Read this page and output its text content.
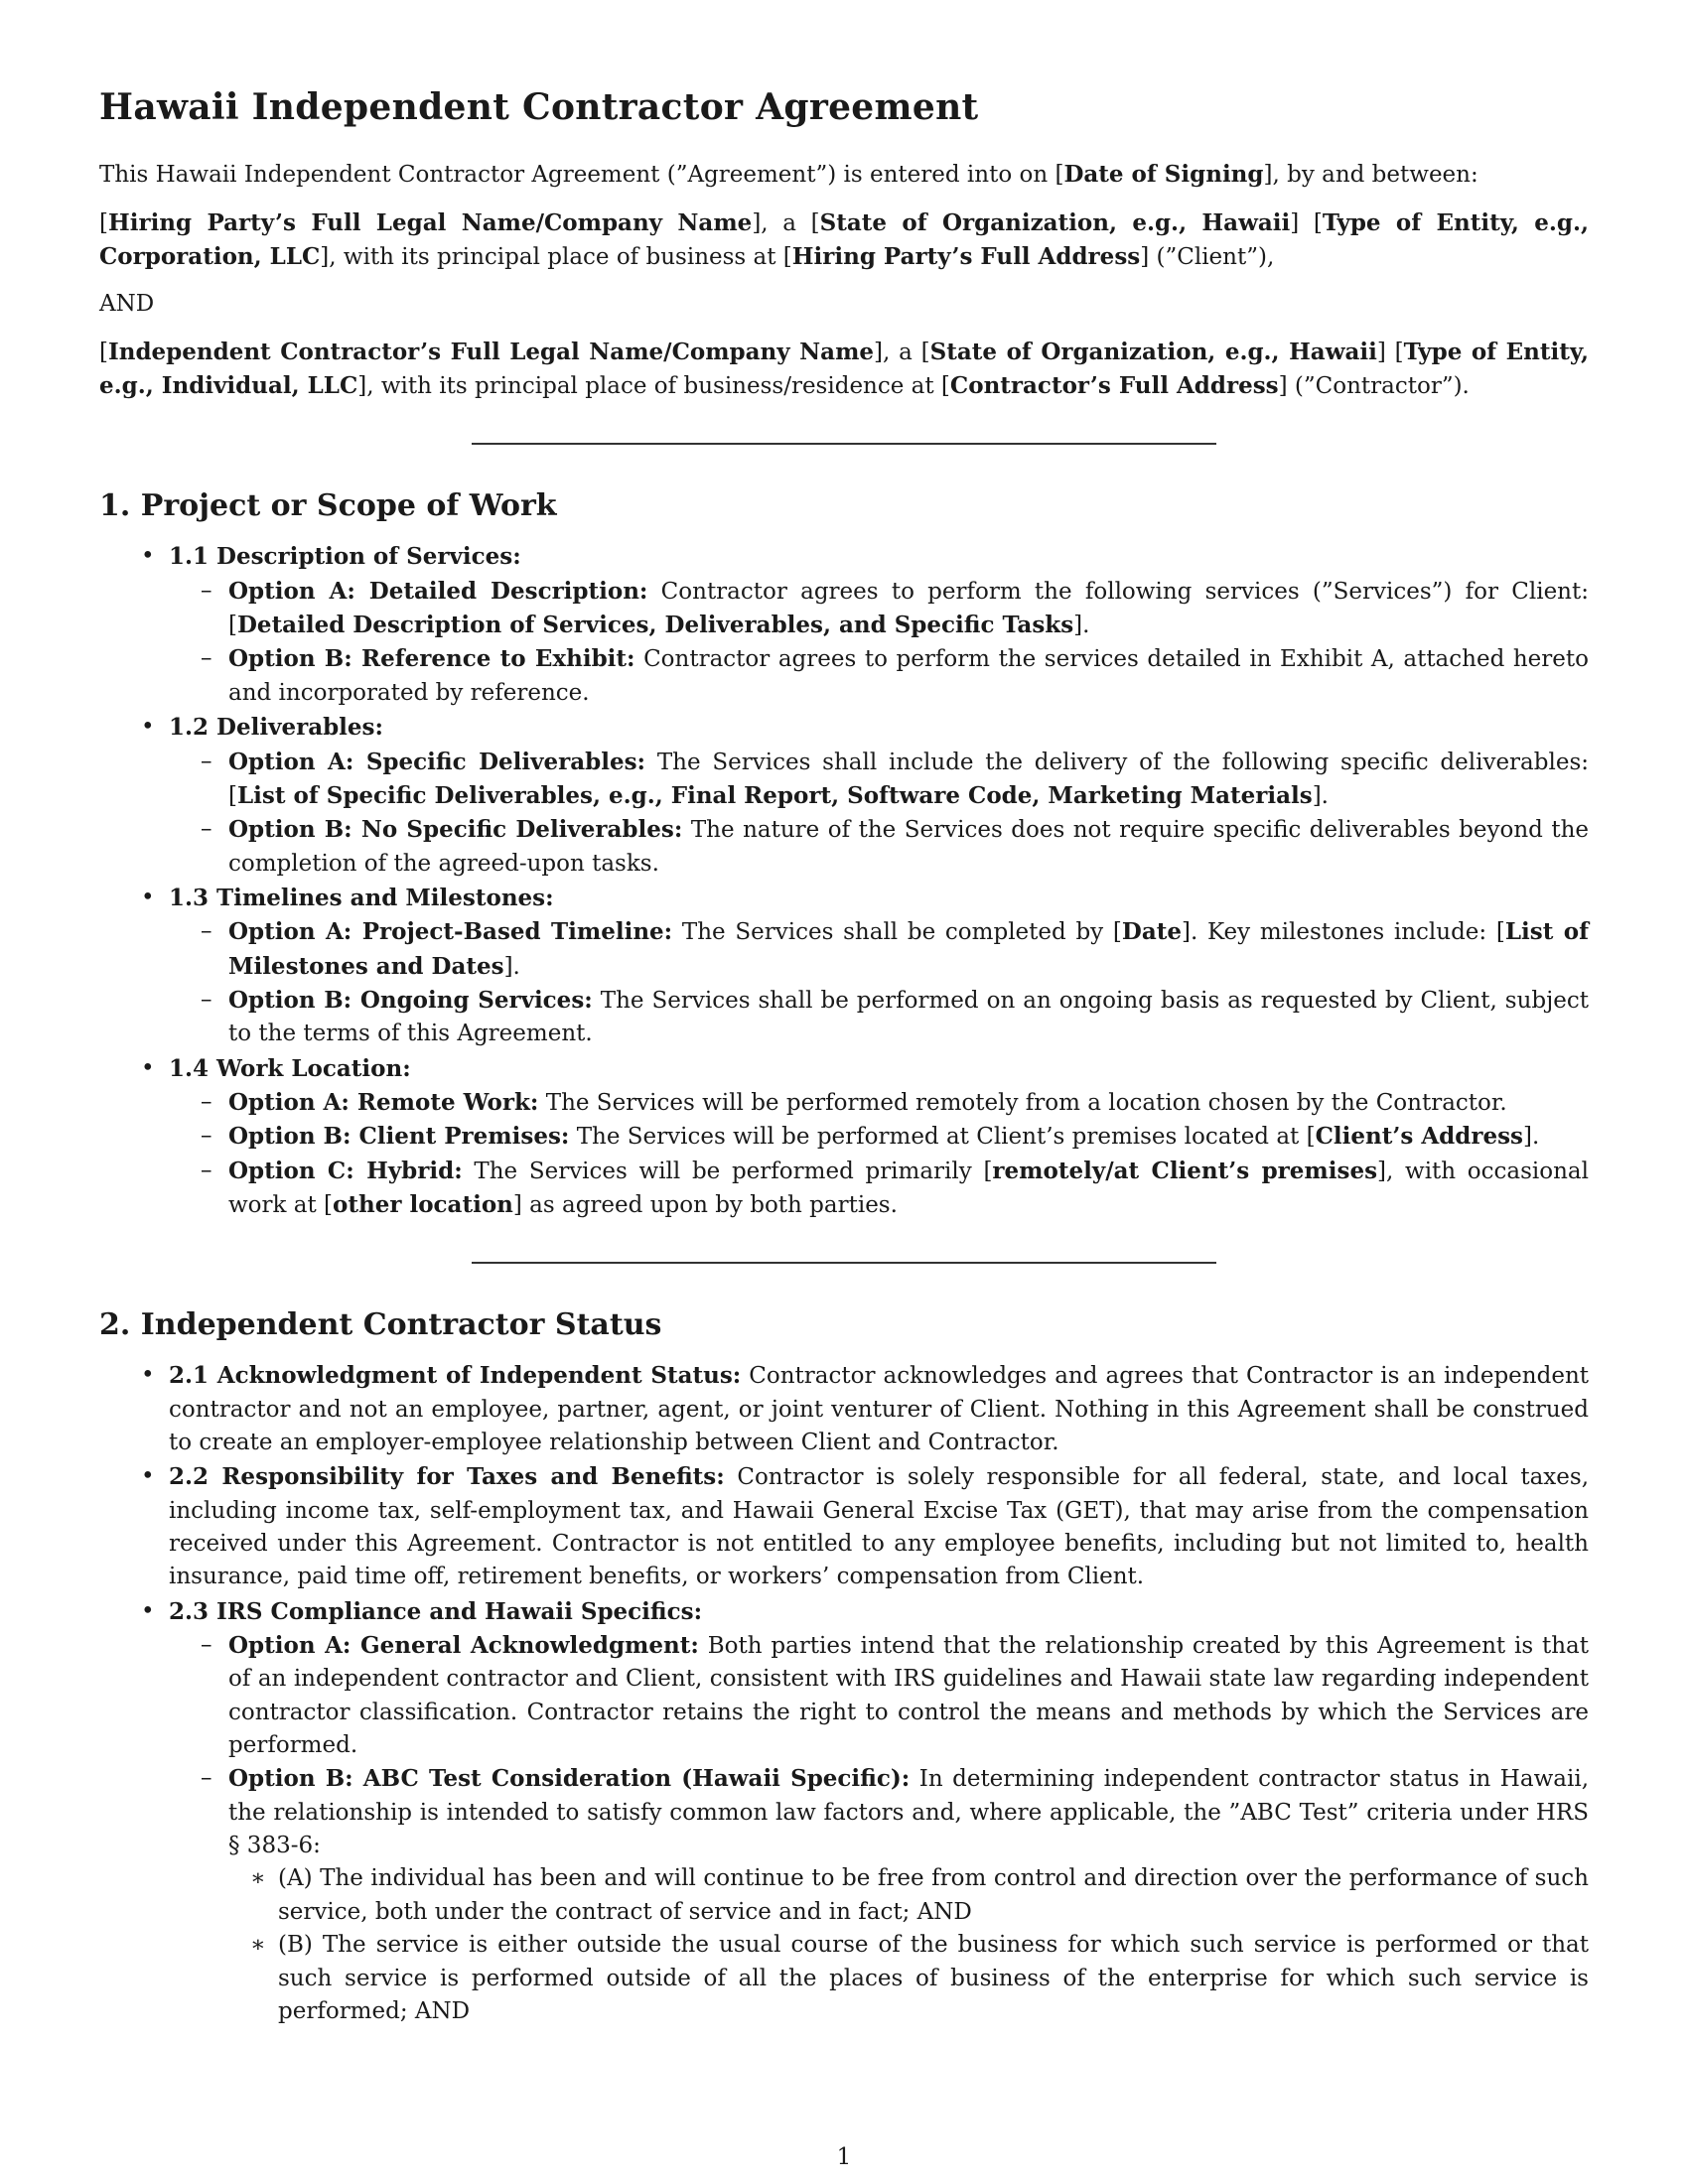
Hawaii Independent Contractor Agreement

This Hawaii Independent Contractor Agreement (”Agreement”) is entered into on [Date of Signing], by and between:

[Hiring Party’s Full Legal Name/Company Name], a [State of Organization, e.g., Hawaii] [Type of Entity, e.g., Corporation, LLC], with its principal place of business at [Hiring Party’s Full Address] (”Client”),

AND

[Independent Contractor’s Full Legal Name/Company Name], a [State of Organization, e.g., Hawaii] [Type of Entity, e.g., Individual, LLC], with its principal place of business/residence at [Contractor’s Full Address] (”Contractor”).

1. Project or Scope of Work
• 1.1 Description of Services:
– Option A: Detailed Description: Contractor agrees to perform the following services (”Services”) for Client: [Detailed Description of Services, Deliverables, and Specific Tasks].
– Option B: Reference to Exhibit: Contractor agrees to perform the services detailed in Exhibit A, attached hereto and incorporated by reference.
• 1.2 Deliverables:
– Option A: Specific Deliverables: The Services shall include the delivery of the following specific deliverables: [List of Specific Deliverables, e.g., Final Report, Software Code, Marketing Materials].
– Option B: No Specific Deliverables: The nature of the Services does not require specific deliverables beyond the completion of the agreed-upon tasks.
• 1.3 Timelines and Milestones:
– Option A: Project-Based Timeline: The Services shall be completed by [Date]. Key milestones include: [List of Milestones and Dates].
– Option B: Ongoing Services: The Services shall be performed on an ongoing basis as requested by Client, subject to the terms of this Agreement.
• 1.4 Work Location:
– Option A: Remote Work: The Services will be performed remotely from a location chosen by the Contractor.
– Option B: Client Premises: The Services will be performed at Client’s premises located at [Client’s Address].
– Option C: Hybrid: The Services will be performed primarily [remotely/at Client’s premises], with occasional work at [other location] as agreed upon by both parties.
2. Independent Contractor Status
• 2.1 Acknowledgment of Independent Status: Contractor acknowledges and agrees that Contractor is an independent contractor and not an employee, partner, agent, or joint venturer of Client. Nothing in this Agreement shall be construed to create an employer-employee relationship between Client and Contractor.
• 2.2 Responsibility for Taxes and Benefits: Contractor is solely responsible for all federal, state, and local taxes, including income tax, self-employment tax, and Hawaii General Excise Tax (GET), that may arise from the compensation received under this Agreement. Contractor is not entitled to any employee benefits, including but not limited to, health insurance, paid time off, retirement benefits, or workers’ compensation from Client.
• 2.3 IRS Compliance and Hawaii Specifics:
– Option A: General Acknowledgment: Both parties intend that the relationship created by this Agreement is that of an independent contractor and Client, consistent with IRS guidelines and Hawaii state law regarding independent contractor classification. Contractor retains the right to control the means and methods by which the Services are performed.
– Option B: ABC Test Consideration (Hawaii Specific): In determining independent contractor status in Hawaii, the relationship is intended to satisfy common law factors and, where applicable, the ”ABC Test” criteria under HRS § 383-6:
∗ (A) The individual has been and will continue to be free from control and direction over the performance of such service, both under the contract of service and in fact; AND
∗ (B) The service is either outside the usual course of the business for which such service is performed or that such service is performed outside of all the places of business of the enterprise for which such service is performed; AND
1
